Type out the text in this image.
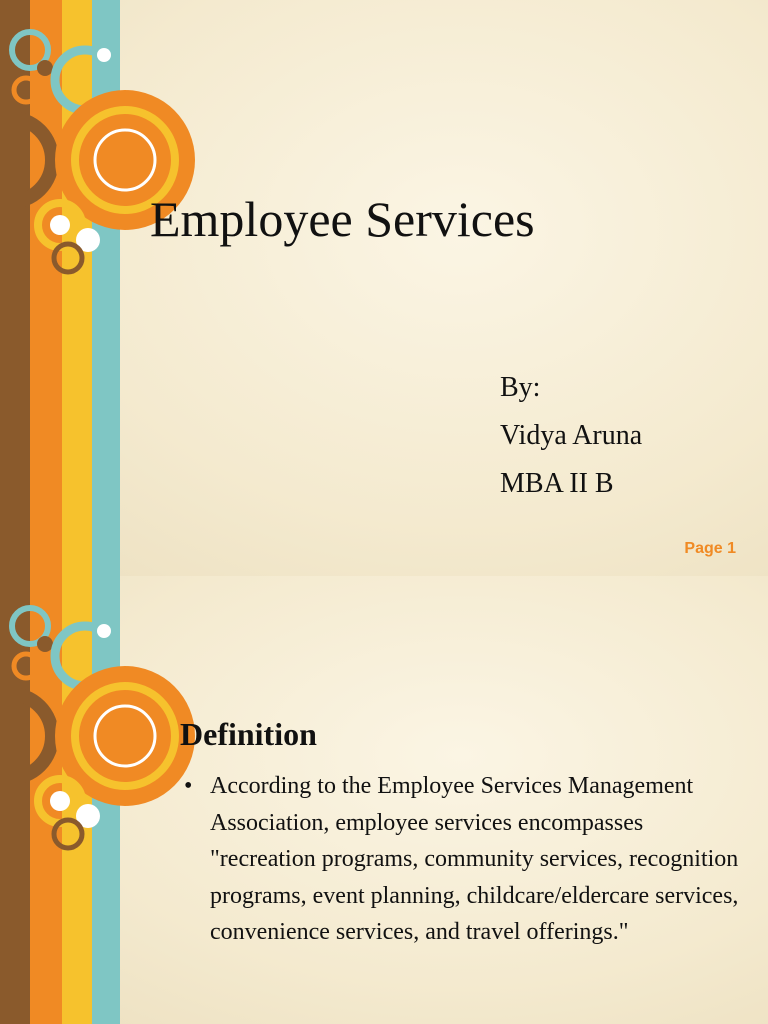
Employee Services
By:
Vidya Aruna
MBA II B
Page 1
Definition
• According to the Employee Services Management Association, employee services encompasses "recreation programs, community services, recognition programs, event planning, childcare/eldercare services, convenience services, and travel offerings."
